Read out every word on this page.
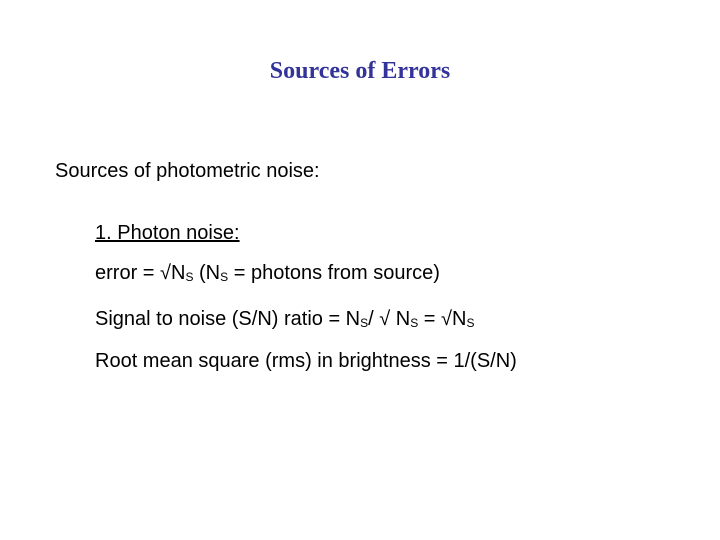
Sources of Errors
Sources of photometric noise:
1. Photon noise:
error = $√N_S$ ($N_S$ = photons from source)
Signal to noise (S/N) ratio = $N_S/$ √ $N_S = √N_S$
Root mean square (rms) in brightness = 1/(S/N)
